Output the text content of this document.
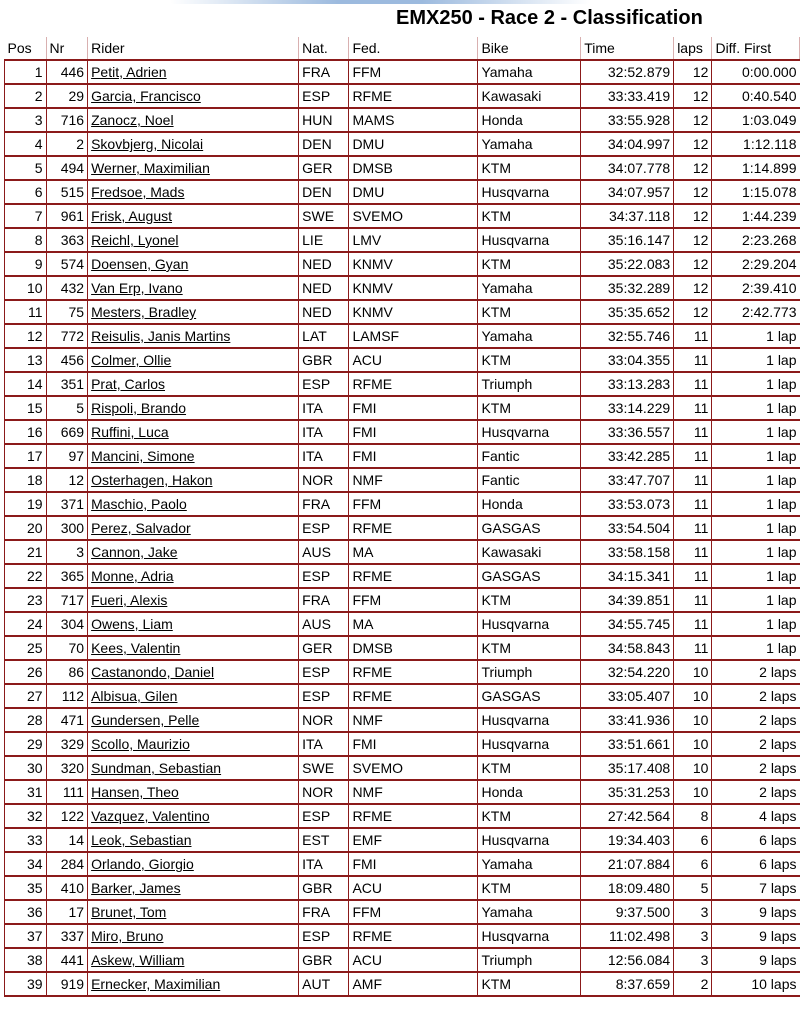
EMX250 - Race 2 - Classification
Pos	Nr	Rider	Nat.	Fed.	Bike	Time	laps	Diff. First
1	446	Petit, Adrien	FRA	FFM	Yamaha	32:52.879	12	0:00.000
2	29	Garcia, Francisco	ESP	RFME	Kawasaki	33:33.419	12	0:40.540
3	716	Zanocz, Noel	HUN	MAMS	Honda	33:55.928	12	1:03.049
4	2	Skovbjerg, Nicolai	DEN	DMU	Yamaha	34:04.997	12	1:12.118
5	494	Werner, Maximilian	GER	DMSB	KTM	34:07.778	12	1:14.899
6	515	Fredsoe, Mads	DEN	DMU	Husqvarna	34:07.957	12	1:15.078
7	961	Frisk, August	SWE	SVEMO	KTM	34:37.118	12	1:44.239
8	363	Reichl, Lyonel	LIE	LMV	Husqvarna	35:16.147	12	2:23.268
9	574	Doensen, Gyan	NED	KNMV	KTM	35:22.083	12	2:29.204
10	432	Van Erp, Ivano	NED	KNMV	Yamaha	35:32.289	12	2:39.410
11	75	Mesters, Bradley	NED	KNMV	KTM	35:35.652	12	2:42.773
12	772	Reisulis, Janis Martins	LAT	LAMSF	Yamaha	32:55.746	11	1 lap
13	456	Colmer, Ollie	GBR	ACU	KTM	33:04.355	11	1 lap
14	351	Prat, Carlos	ESP	RFME	Triumph	33:13.283	11	1 lap
15	5	Rispoli, Brando	ITA	FMI	KTM	33:14.229	11	1 lap
16	669	Ruffini, Luca	ITA	FMI	Husqvarna	33:36.557	11	1 lap
17	97	Mancini, Simone	ITA	FMI	Fantic	33:42.285	11	1 lap
18	12	Osterhagen, Hakon	NOR	NMF	Fantic	33:47.707	11	1 lap
19	371	Maschio, Paolo	FRA	FFM	Honda	33:53.073	11	1 lap
20	300	Perez, Salvador	ESP	RFME	GASGAS	33:54.504	11	1 lap
21	3	Cannon, Jake	AUS	MA	Kawasaki	33:58.158	11	1 lap
22	365	Monne, Adria	ESP	RFME	GASGAS	34:15.341	11	1 lap
23	717	Fueri, Alexis	FRA	FFM	KTM	34:39.851	11	1 lap
24	304	Owens, Liam	AUS	MA	Husqvarna	34:55.745	11	1 lap
25	70	Kees, Valentin	GER	DMSB	KTM	34:58.843	11	1 lap
26	86	Castanondo, Daniel	ESP	RFME	Triumph	32:54.220	10	2 laps
27	112	Albisua, Gilen	ESP	RFME	GASGAS	33:05.407	10	2 laps
28	471	Gundersen, Pelle	NOR	NMF	Husqvarna	33:41.936	10	2 laps
29	329	Scollo, Maurizio	ITA	FMI	Husqvarna	33:51.661	10	2 laps
30	320	Sundman, Sebastian	SWE	SVEMO	KTM	35:17.408	10	2 laps
31	111	Hansen, Theo	NOR	NMF	Honda	35:31.253	10	2 laps
32	122	Vazquez, Valentino	ESP	RFME	KTM	27:42.564	8	4 laps
33	14	Leok, Sebastian	EST	EMF	Husqvarna	19:34.403	6	6 laps
34	284	Orlando, Giorgio	ITA	FMI	Yamaha	21:07.884	6	6 laps
35	410	Barker, James	GBR	ACU	KTM	18:09.480	5	7 laps
36	17	Brunet, Tom	FRA	FFM	Yamaha	9:37.500	3	9 laps
37	337	Miro, Bruno	ESP	RFME	Husqvarna	11:02.498	3	9 laps
38	441	Askew, William	GBR	ACU	Triumph	12:56.084	3	9 laps
39	919	Ernecker, Maximilian	AUT	AMF	KTM	8:37.659	2	10 laps
